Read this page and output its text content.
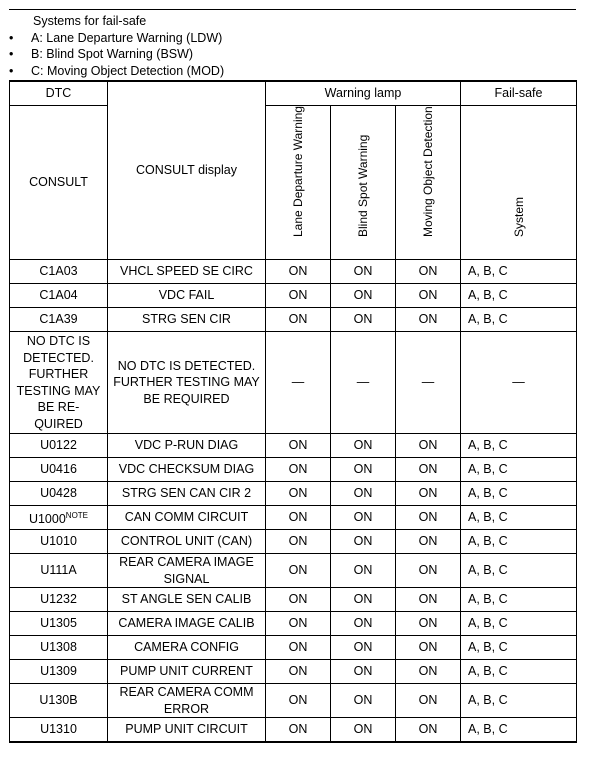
Systems for fail-safe
•	A: Lane Departure Warning (LDW)
•	B: Blind Spot Warning (BSW)
•	C: Moving Object Detection (MOD)
DTC	CONSULT display	Warning lamp			Fail-safe
CONSULT		Lane Departure Warning	Blind Spot Warning	Moving Object Detection	System

C1A03	VHCL SPEED SE CIRC	ON	ON	ON	A, B, C
C1A04	VDC FAIL	ON	ON	ON	A, B, C
C1A39	STRG SEN CIR	ON	ON	ON	A, B, C
NO DTC IS DETECTED. FURTHER TESTING MAY BE RE- QUIRED	NO DTC IS DETECTED. FURTHER TESTING MAY BE REQUIRED	—	—	—	—
U0122	VDC P-RUN DIAG	ON	ON	ON	A, B, C
U0416	VDC CHECKSUM DIAG	ON	ON	ON	A, B, C
U0428	STRG SEN CAN CIR 2	ON	ON	ON	A, B, C
$U1000^{NOTE}$	CAN COMM CIRCUIT	ON	ON	ON	A, B, C
U1010	CONTROL UNIT (CAN)	ON	ON	ON	A, B, C
U111A	REAR CAMERA IMAGE SIGNAL	ON	ON	ON	A, B, C
U1232	ST ANGLE SEN CALIB	ON	ON	ON	A, B, C
U1305	CAMERA IMAGE CALIB	ON	ON	ON	A, B, C
U1308	CAMERA CONFIG	ON	ON	ON	A, B, C
U1309	PUMP UNIT CURRENT	ON	ON	ON	A, B, C
U130B	REAR CAMERA COMM ERROR	ON	ON	ON	A, B, C
U1310	PUMP UNIT CIRCUIT	ON	ON	ON	A, B, C
